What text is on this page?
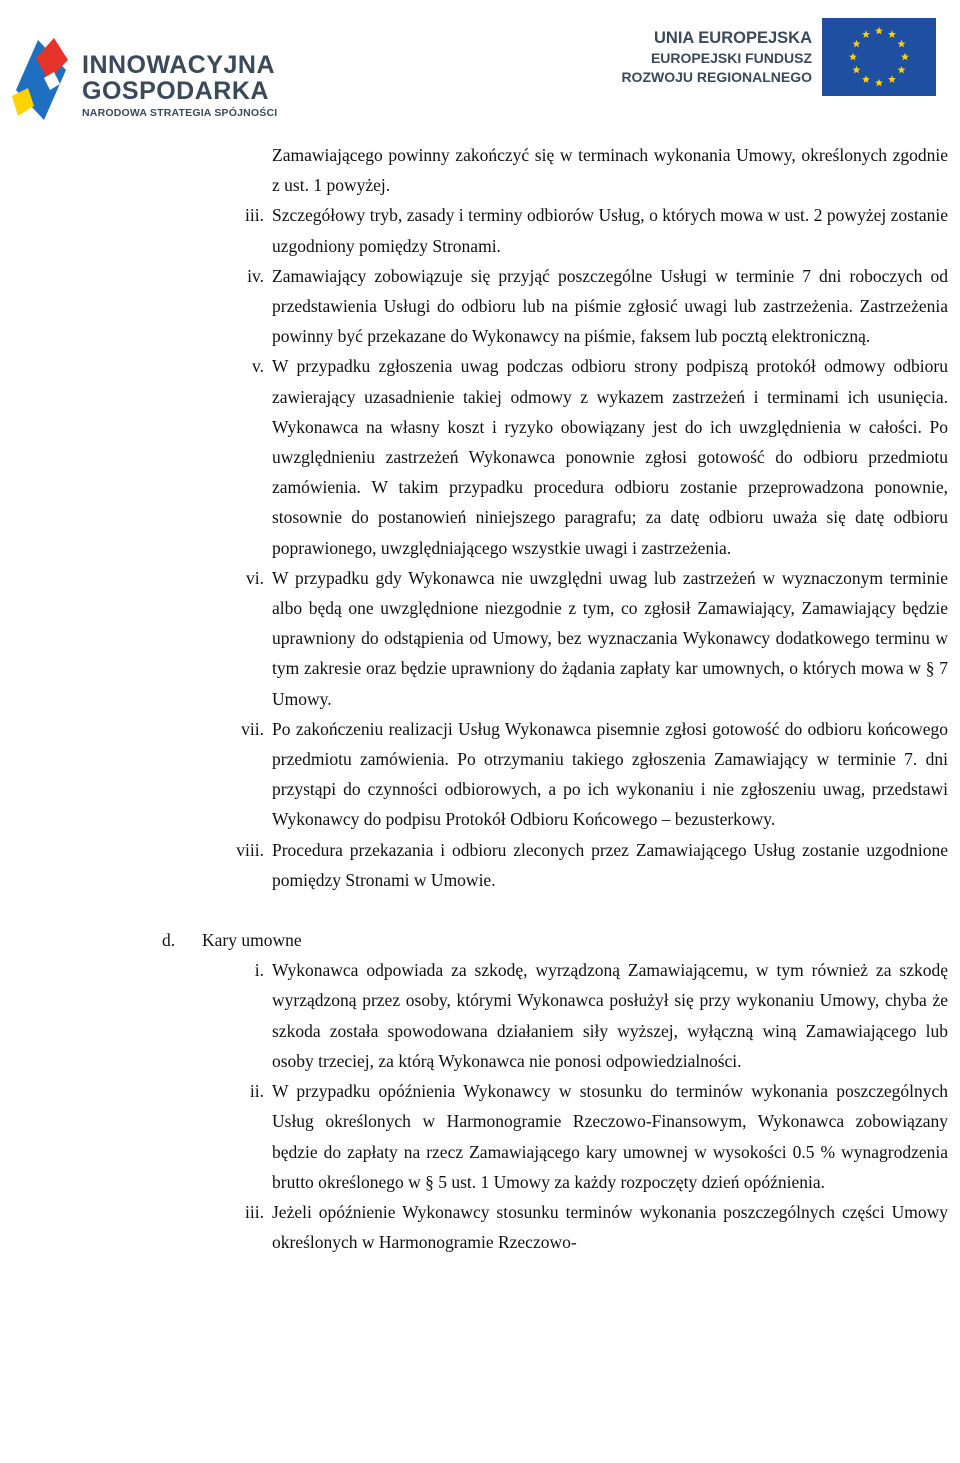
INNOWACYJNA
GOSPODARKA
NARODOWA STRATEGIA SPÓJNOŚCI
UNIA EUROPEJSKA
EUROPEJSKI FUNDUSZ
ROZWOJU REGIONALNEGO
Zamawiającego powinny zakończyć się w terminach wykonania Umowy, określonych zgodnie z ust. 1 powyżej.
iii. Szczegółowy tryb, zasady i terminy odbiorów Usług, o których mowa w ust. 2 powyżej zostanie uzgodniony pomiędzy Stronami.
iv. Zamawiający zobowiązuje się przyjąć poszczególne Usługi w terminie 7 dni roboczych od przedstawienia Usługi do odbioru lub na piśmie zgłosić uwagi lub zastrzeżenia. Zastrzeżenia powinny być przekazane do Wykonawcy na piśmie, faksem lub pocztą elektroniczną.
v. W przypadku zgłoszenia uwag podczas odbioru strony podpiszą protokół odmowy odbioru zawierający uzasadnienie takiej odmowy z wykazem zastrzeżeń i terminami ich usunięcia. Wykonawca na własny koszt i ryzyko obowiązany jest do ich uwzględnienia w całości. Po uwzględnieniu zastrzeżeń Wykonawca ponownie zgłosi gotowość do odbioru przedmiotu zamówienia. W takim przypadku procedura odbioru zostanie przeprowadzona ponownie, stosownie do postanowień niniejszego paragrafu; za datę odbioru uważa się datę odbioru poprawionego, uwzględniającego wszystkie uwagi i zastrzeżenia.
vi. W przypadku gdy Wykonawca nie uwzględni uwag lub zastrzeżeń w wyznaczonym terminie albo będą one uwzględnione niezgodnie z tym, co zgłosił Zamawiający, Zamawiający będzie uprawniony do odstąpienia od Umowy, bez wyznaczania Wykonawcy dodatkowego terminu w tym zakresie oraz będzie uprawniony do żądania zapłaty kar umownych, o których mowa w § 7 Umowy.
vii. Po zakończeniu realizacji Usług Wykonawca pisemnie zgłosi gotowość do odbioru końcowego przedmiotu zamówienia. Po otrzymaniu takiego zgłoszenia Zamawiający w terminie 7. dni przystąpi do czynności odbiorowych, a po ich wykonaniu i nie zgłoszeniu uwag, przedstawi Wykonawcy do podpisu Protokół Odbioru Końcowego – bezusterkowy.
viii. Procedura przekazania i odbioru zleconych przez Zamawiającego Usług zostanie uzgodnione pomiędzy Stronami w Umowie.
d.	Kary umowne
i. Wykonawca odpowiada za szkodę, wyrządzoną Zamawiającemu, w tym również za szkodę wyrządzoną przez osoby, którymi Wykonawca posłużył się przy wykonaniu Umowy, chyba że szkoda została spowodowana działaniem siły wyższej, wyłączną winą Zamawiającego lub osoby trzeciej, za którą Wykonawca nie ponosi odpowiedzialności.
ii. W przypadku opóźnienia Wykonawcy w stosunku do terminów wykonania poszczególnych Usług określonych w Harmonogramie Rzeczowo-Finansowym, Wykonawca zobowiązany będzie do zapłaty na rzecz Zamawiającego kary umownej w wysokości 0.5 % wynagrodzenia brutto określonego w § 5 ust. 1 Umowy za każdy rozpoczęty dzień opóźnienia.
iii. Jeżeli opóźnienie Wykonawcy stosunku terminów wykonania poszczególnych części Umowy określonych w Harmonogramie Rzeczowo-
